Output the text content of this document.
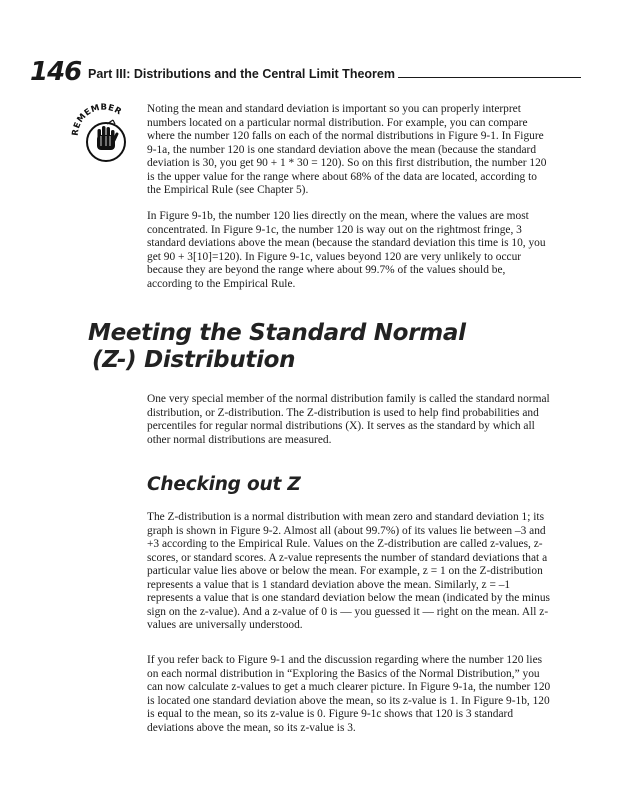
146 Part III: Distributions and the Central Limit Theorem
REMEMBER Noting the mean and standard deviation is important so you can properly interpret numbers located on a particular normal distribution. For example, you can compare where the number 120 falls on each of the normal distributions in Figure 9-1. In Figure 9-1a, the number 120 is one standard deviation above the mean (because the standard deviation is 30, you get 90 + 1 * 30 = 120). So on this first distribution, the number 120 is the upper value for the range where about 68% of the data are located, according to the Empirical Rule (see Chapter 5).

In Figure 9-1b, the number 120 lies directly on the mean, where the values are most concentrated. In Figure 9-1c, the number 120 is way out on the rightmost fringe, 3 standard deviations above the mean (because the standard deviation this time is 10, you get 90 + 3[10]=120). In Figure 9-1c, values beyond 120 are very unlikely to occur because they are beyond the range where about 99.7% of the values should be, according to the Empirical Rule.

Meeting the Standard Normal
(Z-) Distribution

One very special member of the normal distribution family is called the standard normal distribution, or Z-distribution. The Z-distribution is used to help find probabilities and percentiles for regular normal distributions (X). It serves as the standard by which all other normal distributions are measured.

Checking out Z

The Z-distribution is a normal distribution with mean zero and standard deviation 1; its graph is shown in Figure 9-2. Almost all (about 99.7%) of its values lie between –3 and +3 according to the Empirical Rule. Values on the Z-distribution are called z-values, z-scores, or standard scores. A z-value represents the number of standard deviations that a particular value lies above or below the mean. For example, z = 1 on the Z-distribution represents a value that is 1 standard deviation above the mean. Similarly, z = –1 represents a value that is one standard deviation below the mean (indicated by the minus sign on the z-value). And a z-value of 0 is — you guessed it — right on the mean. All z-values are universally understood.

If you refer back to Figure 9-1 and the discussion regarding where the number 120 lies on each normal distribution in “Exploring the Basics of the Normal Distribution,” you can now calculate z-values to get a much clearer picture. In Figure 9-1a, the number 120 is located one standard deviation above the mean, so its z-value is 1. In Figure 9-1b, 120 is equal to the mean, so its z-value is 0. Figure 9-1c shows that 120 is 3 standard deviations above the mean, so its z-value is 3.
